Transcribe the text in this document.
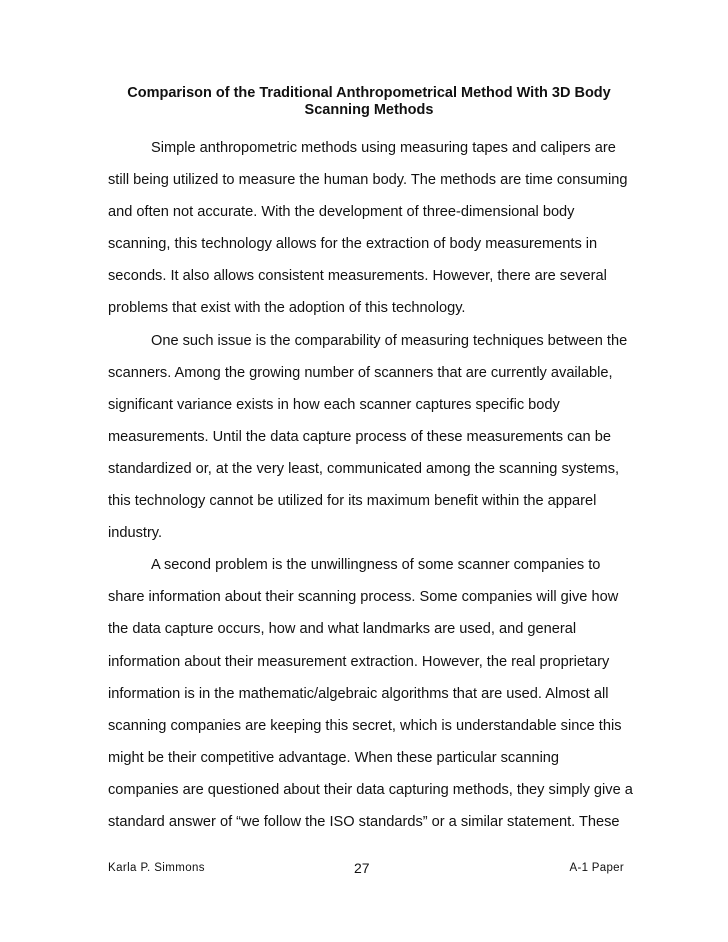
Comparison of the Traditional Anthropometrical Method With 3D Body
Scanning Methods
Simple anthropometric methods using measuring tapes and calipers are
still being utilized to measure the human body. The methods are time consuming
and often not accurate. With the development of three-dimensional body
scanning, this technology allows for the extraction of body measurements in
seconds. It also allows consistent measurements. However, there are several
problems that exist with the adoption of this technology.
One such issue is the comparability of measuring techniques between the
scanners. Among the growing number of scanners that are currently available,
significant variance exists in how each scanner captures specific body
measurements. Until the data capture process of these measurements can be
standardized or, at the very least, communicated among the scanning systems,
this technology cannot be utilized for its maximum benefit within the apparel
industry.
A second problem is the unwillingness of some scanner companies to
share information about their scanning process. Some companies will give how
the data capture occurs, how and what landmarks are used, and general
information about their measurement extraction. However, the real proprietary
information is in the mathematic/algebraic algorithms that are used. Almost all
scanning companies are keeping this secret, which is understandable since this
might be their competitive advantage. When these particular scanning
companies are questioned about their data capturing methods, they simply give a
standard answer of “we follow the ISO standards” or a similar statement. These
Karla P. Simmons	27	A-1 Paper
